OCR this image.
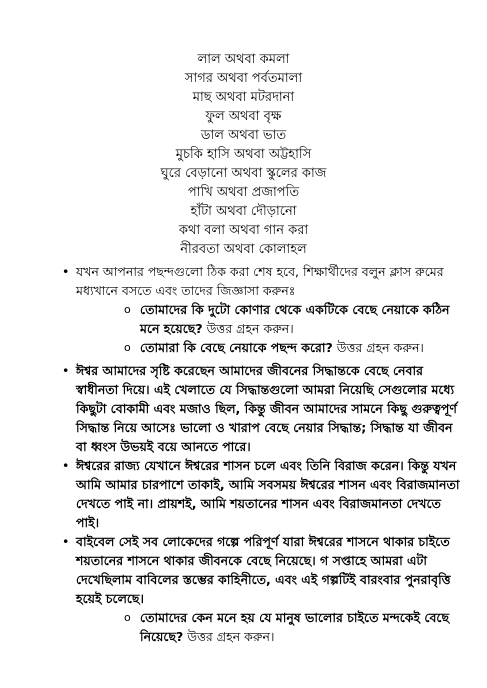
লাল অথবা কমলা
সাগর অথবা পর্বতমালা
মাছ অথবা মটরদানা
ফুল অথবা বৃক্ষ
ডাল অথবা ভাত
মুচকি হাসি অথবা অট্টহাসি
ঘুরে বেড়ানো অথবা স্কুলের কাজ
পাখি অথবা প্রজাপতি
হাঁটা অথবা দৌড়ানো
কথা বলা অথবা গান করা
নীরবতা অথবা কোলাহল
• যখন আপনার পছন্দগুলো ঠিক করা শেষ হবে, শিক্ষার্থীদের বলুন ক্লাস রুমের মধ্যখানে বসতে এবং তাদের জিজ্ঞাসা করুনঃ
o তোমাদের কি দুটো কোণার থেকে একটিকে বেছে নেয়াকে কঠিন মনে হয়েছে? উত্তর গ্রহন করুন।
o তোমারা কি বেছে নেয়াকে পছন্দ করো? উত্তর গ্রহন করুন।
• ঈশ্বর আমাদের সৃষ্টি করেছেন আমাদের জীবনের সিদ্ধান্তকে বেছে নেবার স্বাধীনতা দিয়ে। এই খেলাতে যে সিদ্ধান্তগুলো আমরা নিয়েছি সেগুলোর মধ্যে কিছুটা বোকামী এবং মজাও ছিল, কিন্তু জীবন আমাদের সামনে কিছু গুরুত্বপূর্ণ সিদ্ধান্ত নিয়ে আসেঃ ভালো ও খারাপ বেছে নেয়ার সিদ্ধান্ত; সিদ্ধান্ত যা জীবন বা ধ্বংস উভয়ই বয়ে আনতে পারে।
• ঈশ্বরের রাজ্য যেখানে ঈশ্বরের শাসন চলে এবং তিনি বিরাজ করেন। কিন্তু যখন আমি আমার চারপাশে তাকাই, আমি সবসময় ঈশ্বরের শাসন এবং বিরাজমানতা দেখতে পাই না। প্রায়শই, আমি শয়তানের শাসন এবং বিরাজমানতা দেখতে পাই।
• বাইবেল সেই সব লোকেদের গল্পে পরিপূর্ণ যারা ঈশ্বরের শাসনে থাকার চাইতে শয়তানের শাসনে থাকার জীবনকে বেছে নিয়েছে। গ সপ্তাহে আমরা এটা দেখেছিলাম বাবিলের স্তম্ভের কাহিনীতে, এবং এই গল্পটিই বারংবার পুনরাবৃত্তি হয়েই চলেছে।
o তোমাদের কেন মনে হয় যে মানুষ ভালোর চাইতে মন্দকেই বেছে নিয়েছে? উত্তর গ্রহন করুন।
